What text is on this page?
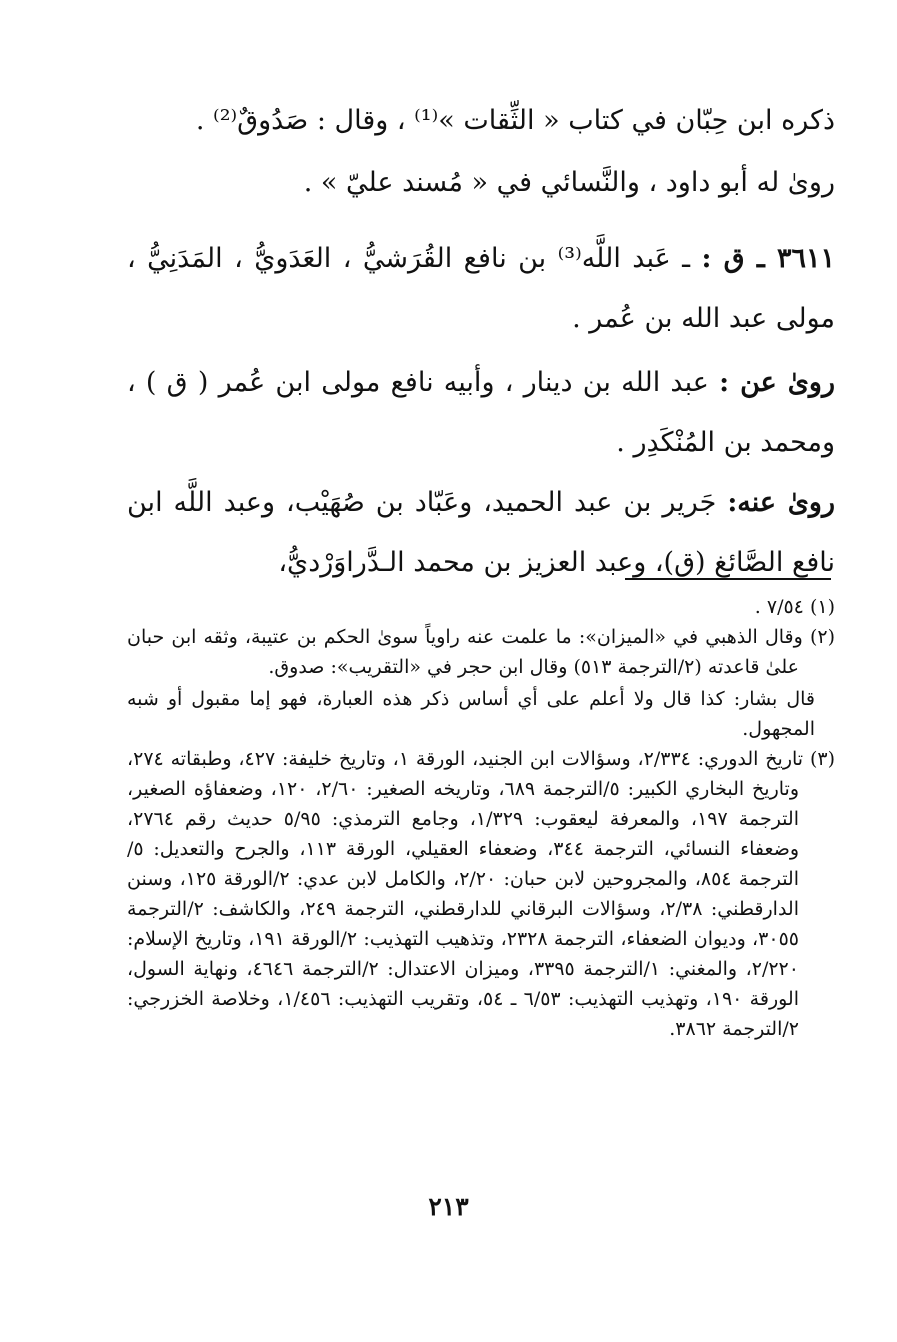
ذكره ابن حِبّان في كتاب « الثِّقات »⁽¹⁾ ، وقال : صَدُوقٌ⁽²⁾ .

روىٰ له أبو داود ، والنَّسائي في « مُسند عليّ » .

٣٦١١ ـ ق : ـ عَبد اللَّه⁽³⁾ بن نافع القُرَشيُّ ، العَدَويُّ ، المَدَنِيُّ ، مولى عبد الله بن عُمر .

روىٰ عن : عبد الله بن دينار ، وأبيه نافع مولى ابن عُمر ( ق ) ، ومحمد بن المُنْكَدِر .

روىٰ عنه: جَرير بن عبد الحميد، وعَبّاد بن صُهَيْب، وعبد اللَّه ابن نافع الصَّائغ (ق)، وعبد العزيز بن محمد الـدَّراوَرْديُّ،

(١) ٧/٥٤ .

(٢) وقال الذهبي في «الميزان»: ما علمت عنه راوياً سوىٰ الحكم بن عتيبة، وثقه ابن حبان علىٰ قاعدته (٢/الترجمة ٥١٣) وقال ابن حجر في «التقريب»: صدوق.

قال بشار: كذا قال ولا أعلم على أي أساس ذكر هذه العبارة، فهو إما مقبول أو شبه المجهول.

(٣) تاريخ الدوري: ٢/٣٣٤، وسؤالات ابن الجنيد، الورقة ١، وتاريخ خليفة: ٤٢٧، وطبقاته ٢٧٤، وتاريخ البخاري الكبير: ٥/الترجمة ٦٨٩، وتاريخه الصغير: ٢/٦٠، ١٢٠، وضعفاؤه الصغير، الترجمة ١٩٧، والمعرفة ليعقوب: ١/٣٢٩، وجامع الترمذي: ٥/٩٥ حديث رقم ٢٧٦٤، وضعفاء النسائي، الترجمة ٣٤٤، وضعفاء العقيلي، الورقة ١١٣، والجرح والتعديل: ٥/الترجمة ٨٥٤، والمجروحين لابن حبان: ٢/٢٠، والكامل لابن عدي: ٢/الورقة ١٢٥، وسنن الدارقطني: ٢/٣٨، وسؤالات البرقاني للدارقطني، الترجمة ٢٤٩، والكاشف: ٢/الترجمة ٣٠٥٥، وديوان الضعفاء، الترجمة ٢٣٢٨، وتذهيب التهذيب: ٢/الورقة ١٩١، وتاريخ الإسلام: ٢/٢٢٠، والمغني: ١/الترجمة ٣٣٩٥، وميزان الاعتدال: ٢/الترجمة ٤٦٤٦، ونهاية السول، الورقة ١٩٠، وتهذيب التهذيب: ٦/٥٣ ـ ٥٤، وتقريب التهذيب: ١/٤٥٦، وخلاصة الخزرجي: ٢/الترجمة ٣٨٦٢.

٢١٣
